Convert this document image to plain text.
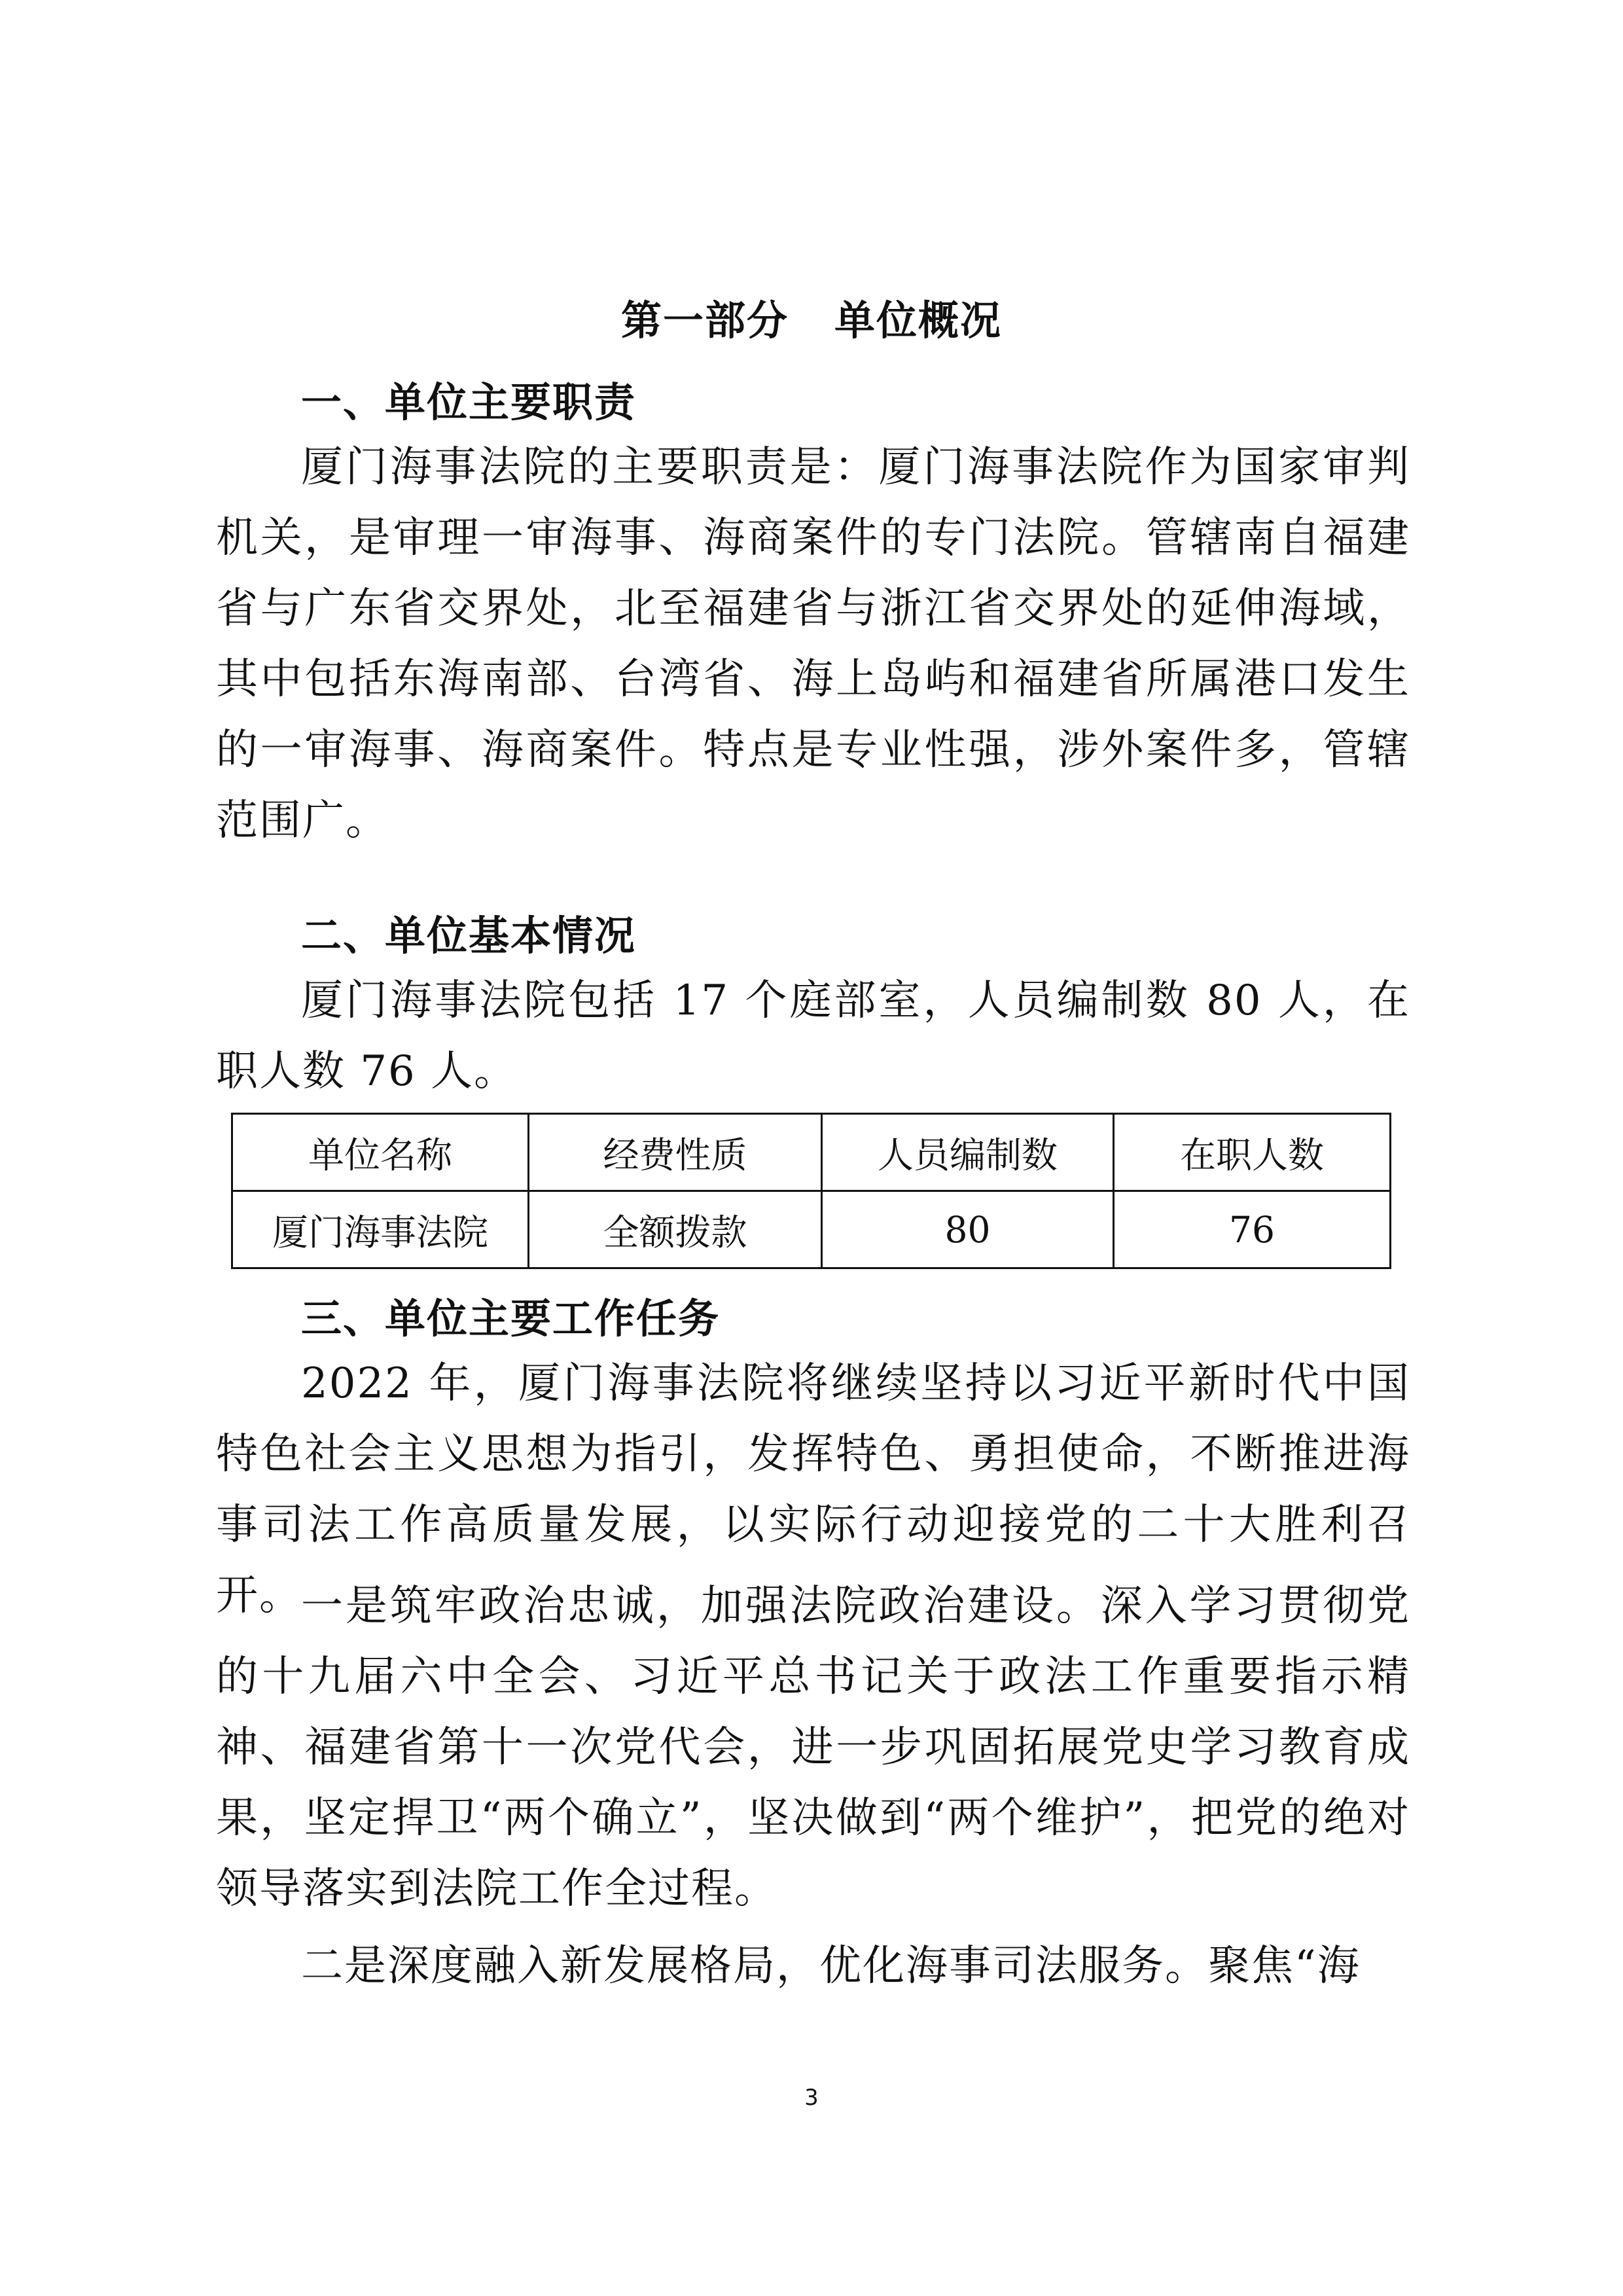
第一部分 单位概况
一、单位主要职责

厦门海事法院的主要职责是：厦门海事法院作为国家审判机关，是审理一审海事、海商案件的专门法院。管辖南自福建省与广东省交界处，北至福建省与浙江省交界处的延伸海域，其中包括东海南部、台湾省、海上岛屿和福建省所属港口发生的一审海事、海商案件。特点是专业性强，涉外案件多，管辖范围广。

二、单位基本情况

厦门海事法院包括 17 个庭部室，人员编制数 80 人，在职人数 76 人。

单位名称	经费性质	人员编制数	在职人数
厦门海事法院	全额拨款	80	76
三、单位主要工作任务

2022 年，厦门海事法院将继续坚持以习近平新时代中国特色社会主义思想为指引，发挥特色、勇担使命，不断推进海事司法工作高质量发展，以实际行动迎接党的二十大胜利召开。

一是筑牢政治忠诚，加强法院政治建设。深入学习贯彻党的十九届六中全会、习近平总书记关于政法工作重要指示精神、福建省第十一次党代会，进一步巩固拓展党史学习教育成果，坚定捍卫“两个确立”，坚决做到“两个维护”，把党的绝对领导落实到法院工作全过程。

二是深度融入新发展格局，优化海事司法服务。聚焦“海

3
